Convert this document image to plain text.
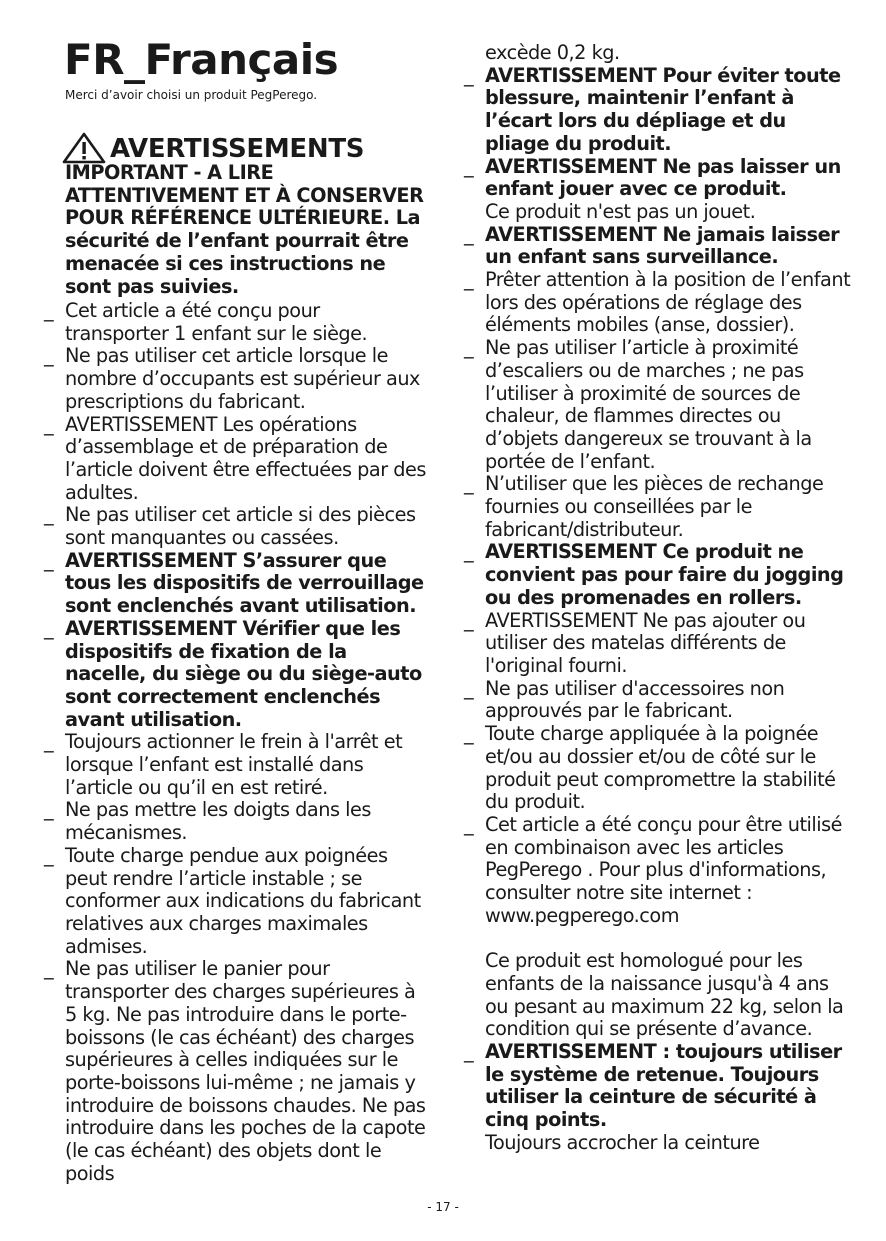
FR_Français

Merci d’avoir choisi un produit PegPerego.

AVERTISSEMENTS

IMPORTANT - A LIRE ATTENTIVEMENT ET À CONSERVER POUR RÉFÉRENCE ULTÉRIEURE. La sécurité de l’enfant pourrait être menacée si ces instructions ne sont pas suivies.

_ Cet article a été conçu pour transporter 1 enfant sur le siège.
_ Ne pas utiliser cet article lorsque le nombre d’occupants est supérieur aux prescriptions du fabricant.
_ AVERTISSEMENT Les opérations d’assemblage et de préparation de l’article doivent être effectuées par des adultes.
_ Ne pas utiliser cet article si des pièces sont manquantes ou cassées.
_ AVERTISSEMENT S’assurer que tous les dispositifs de verrouillage sont enclenchés avant utilisation.
_ AVERTISSEMENT Vérifier que les dispositifs de fixation de la nacelle, du siège ou du siège-auto sont correctement enclenchés avant utilisation.
_ Toujours actionner le frein à l'arrêt et lorsque l’enfant est installé dans l’article ou qu’il en est retiré.
_ Ne pas mettre les doigts dans les mécanismes.
_ Toute charge pendue aux poignées peut rendre l’article instable ; se conformer aux indications du fabricant relatives aux charges maximales admises.
_ Ne pas utiliser le panier pour transporter des charges supérieures à 5 kg. Ne pas introduire dans le porte-boissons (le cas échéant) des charges supérieures à celles indiquées sur le porte-boissons lui-même ; ne jamais y introduire de boissons chaudes. Ne pas introduire dans les poches de la capote (le cas échéant) des objets dont le poids

excède 0,2 kg.

_ AVERTISSEMENT Pour éviter toute blessure, maintenir l’enfant à l’écart lors du dépliage et du pliage du produit.
_ AVERTISSEMENT Ne pas laisser un enfant jouer avec ce produit.
Ce produit n'est pas un jouet.
_ AVERTISSEMENT Ne jamais laisser un enfant sans surveillance.
_ Prêter attention à la position de l’enfant lors des opérations de réglage des éléments mobiles (anse, dossier).
_ Ne pas utiliser l’article à proximité d’escaliers ou de marches ; ne pas l’utiliser à proximité de sources de chaleur, de flammes directes ou d’objets dangereux se trouvant à la portée de l’enfant.
_ N’utiliser que les pièces de rechange fournies ou conseillées par le fabricant/distributeur.
_ AVERTISSEMENT Ce produit ne convient pas pour faire du jogging ou des promenades en rollers.
_ AVERTISSEMENT Ne pas ajouter ou utiliser des matelas différents de l'original fourni.
_ Ne pas utiliser d'accessoires non approuvés par le fabricant.
_ Toute charge appliquée à la poignée et/ou au dossier et/ou de côté sur le produit peut compromettre la stabilité du produit.
_ Cet article a été conçu pour être utilisé en combinaison avec les articles PegPerego . Pour plus d'informations, consulter notre site internet : www.pegperego.com

Ce produit est homologué pour les enfants de la naissance jusqu'à 4 ans ou pesant au maximum 22 kg, selon la condition qui se présente d’avance.

_ AVERTISSEMENT : toujours utiliser le système de retenue. Toujours utiliser la ceinture de sécurité à cinq points.
Toujours accrocher la ceinture
- 17 -
